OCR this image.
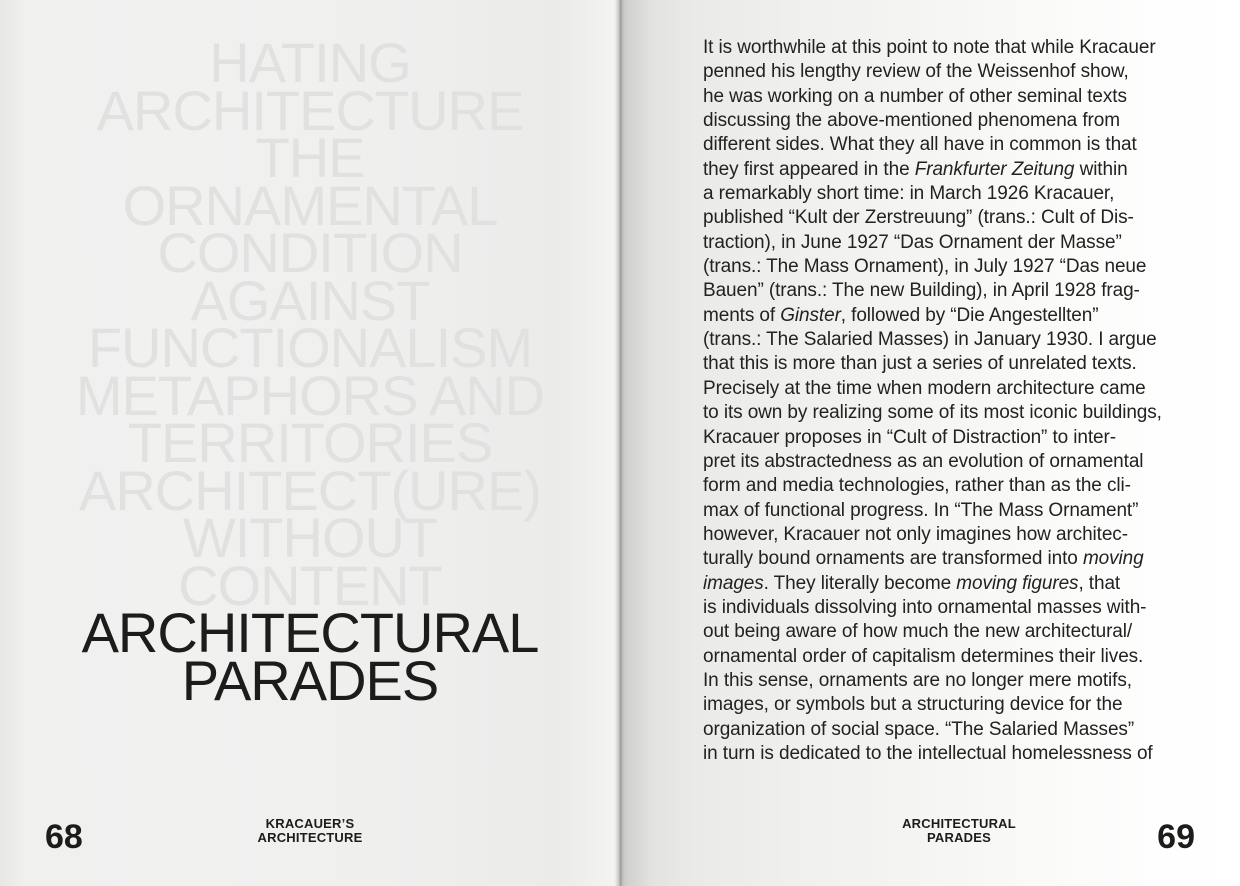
HATING
ARCHITECTURE
THE
ORNAMENTAL
CONDITION
AGAINST
FUNCTIONALISM
METAPHORS AND
TERRITORIES
ARCHITECT(URE)
WITHOUT
CONTENT
ARCHITECTURAL
PARADES
68	KRACAUER’S
ARCHITECTURE
It is worthwhile at this point to note that while Kracauer
penned his lengthy review of the Weissenhof show,
he was working on a number of other seminal texts
discussing the above-mentioned phenomena from
different sides. What they all have in common is that
they first appeared in the Frankfurter Zeitung within
a remarkably short time: in March 1926 Kracauer,
published “Kult der Zerstreuung” (trans.: Cult of Dis-
traction), in June 1927 “Das Ornament der Masse”
(trans.: The Mass Ornament), in July 1927 “Das neue
Bauen” (trans.: The new Building), in April 1928 frag-
ments of Ginster, followed by “Die Angestellten”
(trans.: The Salaried Masses) in January 1930. I argue
that this is more than just a series of unrelated texts.
Precisely at the time when modern architecture came
to its own by realizing some of its most iconic buildings,
Kracauer proposes in “Cult of Distraction” to inter-
pret its abstractedness as an evolution of ornamental
form and media technologies, rather than as the cli-
max of functional progress. In “The Mass Ornament”
however, Kracauer not only imagines how architec-
turally bound ornaments are transformed into moving
images. They literally become moving figures, that
is individuals dissolving into ornamental masses with-
out being aware of how much the new architectural/
ornamental order of capitalism determines their lives.
In this sense, ornaments are no longer mere motifs,
images, or symbols but a structuring device for the
organization of social space. “The Salaried Masses”
in turn is dedicated to the intellectual homelessness of
ARCHITECTURAL
PARADES	69
